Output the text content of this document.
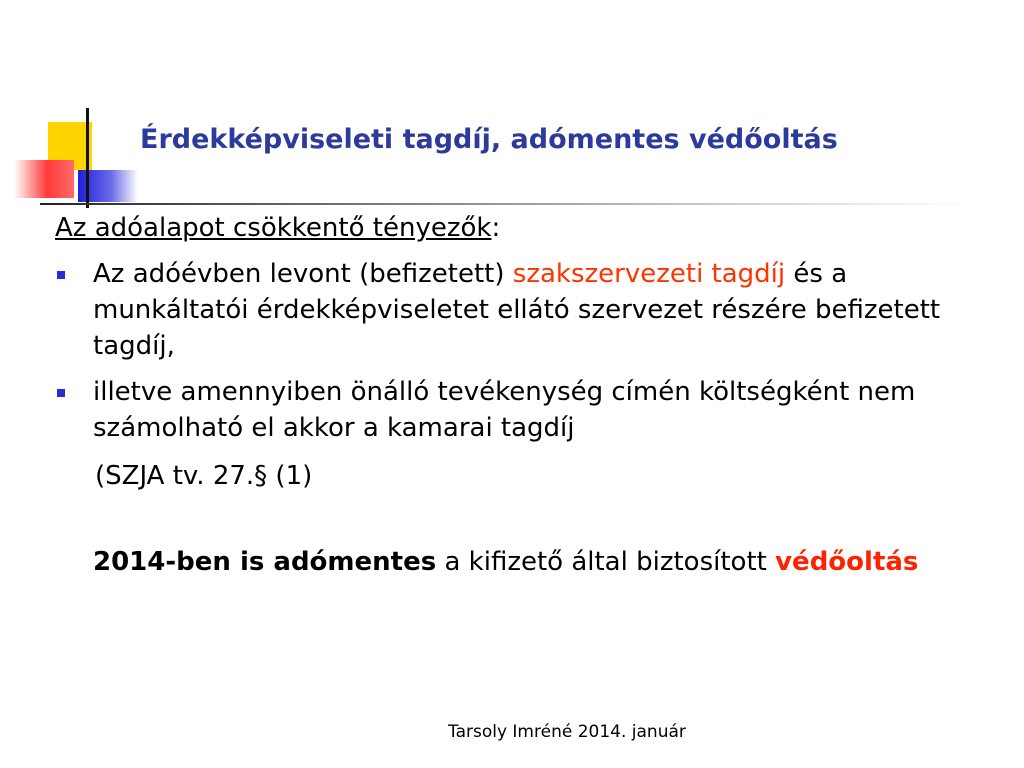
Érdekképviseleti tagdíj, adómentes védőoltás

Az adóalapot csökkentő tényezők:

Az adóévben levont (befizetett) szakszervezeti tagdíj és a munkáltatói érdekképviseletet ellátó szervezet részére befizetett tagdíj,
illetve amennyiben önálló tevékenység címén költségként nem számolható el akkor a kamarai tagdíj

(SZJA tv. 27.§ (1)

2014-ben is adómentes a kifizető által biztosított védőoltás

Tarsoly Imréné 2014. január
